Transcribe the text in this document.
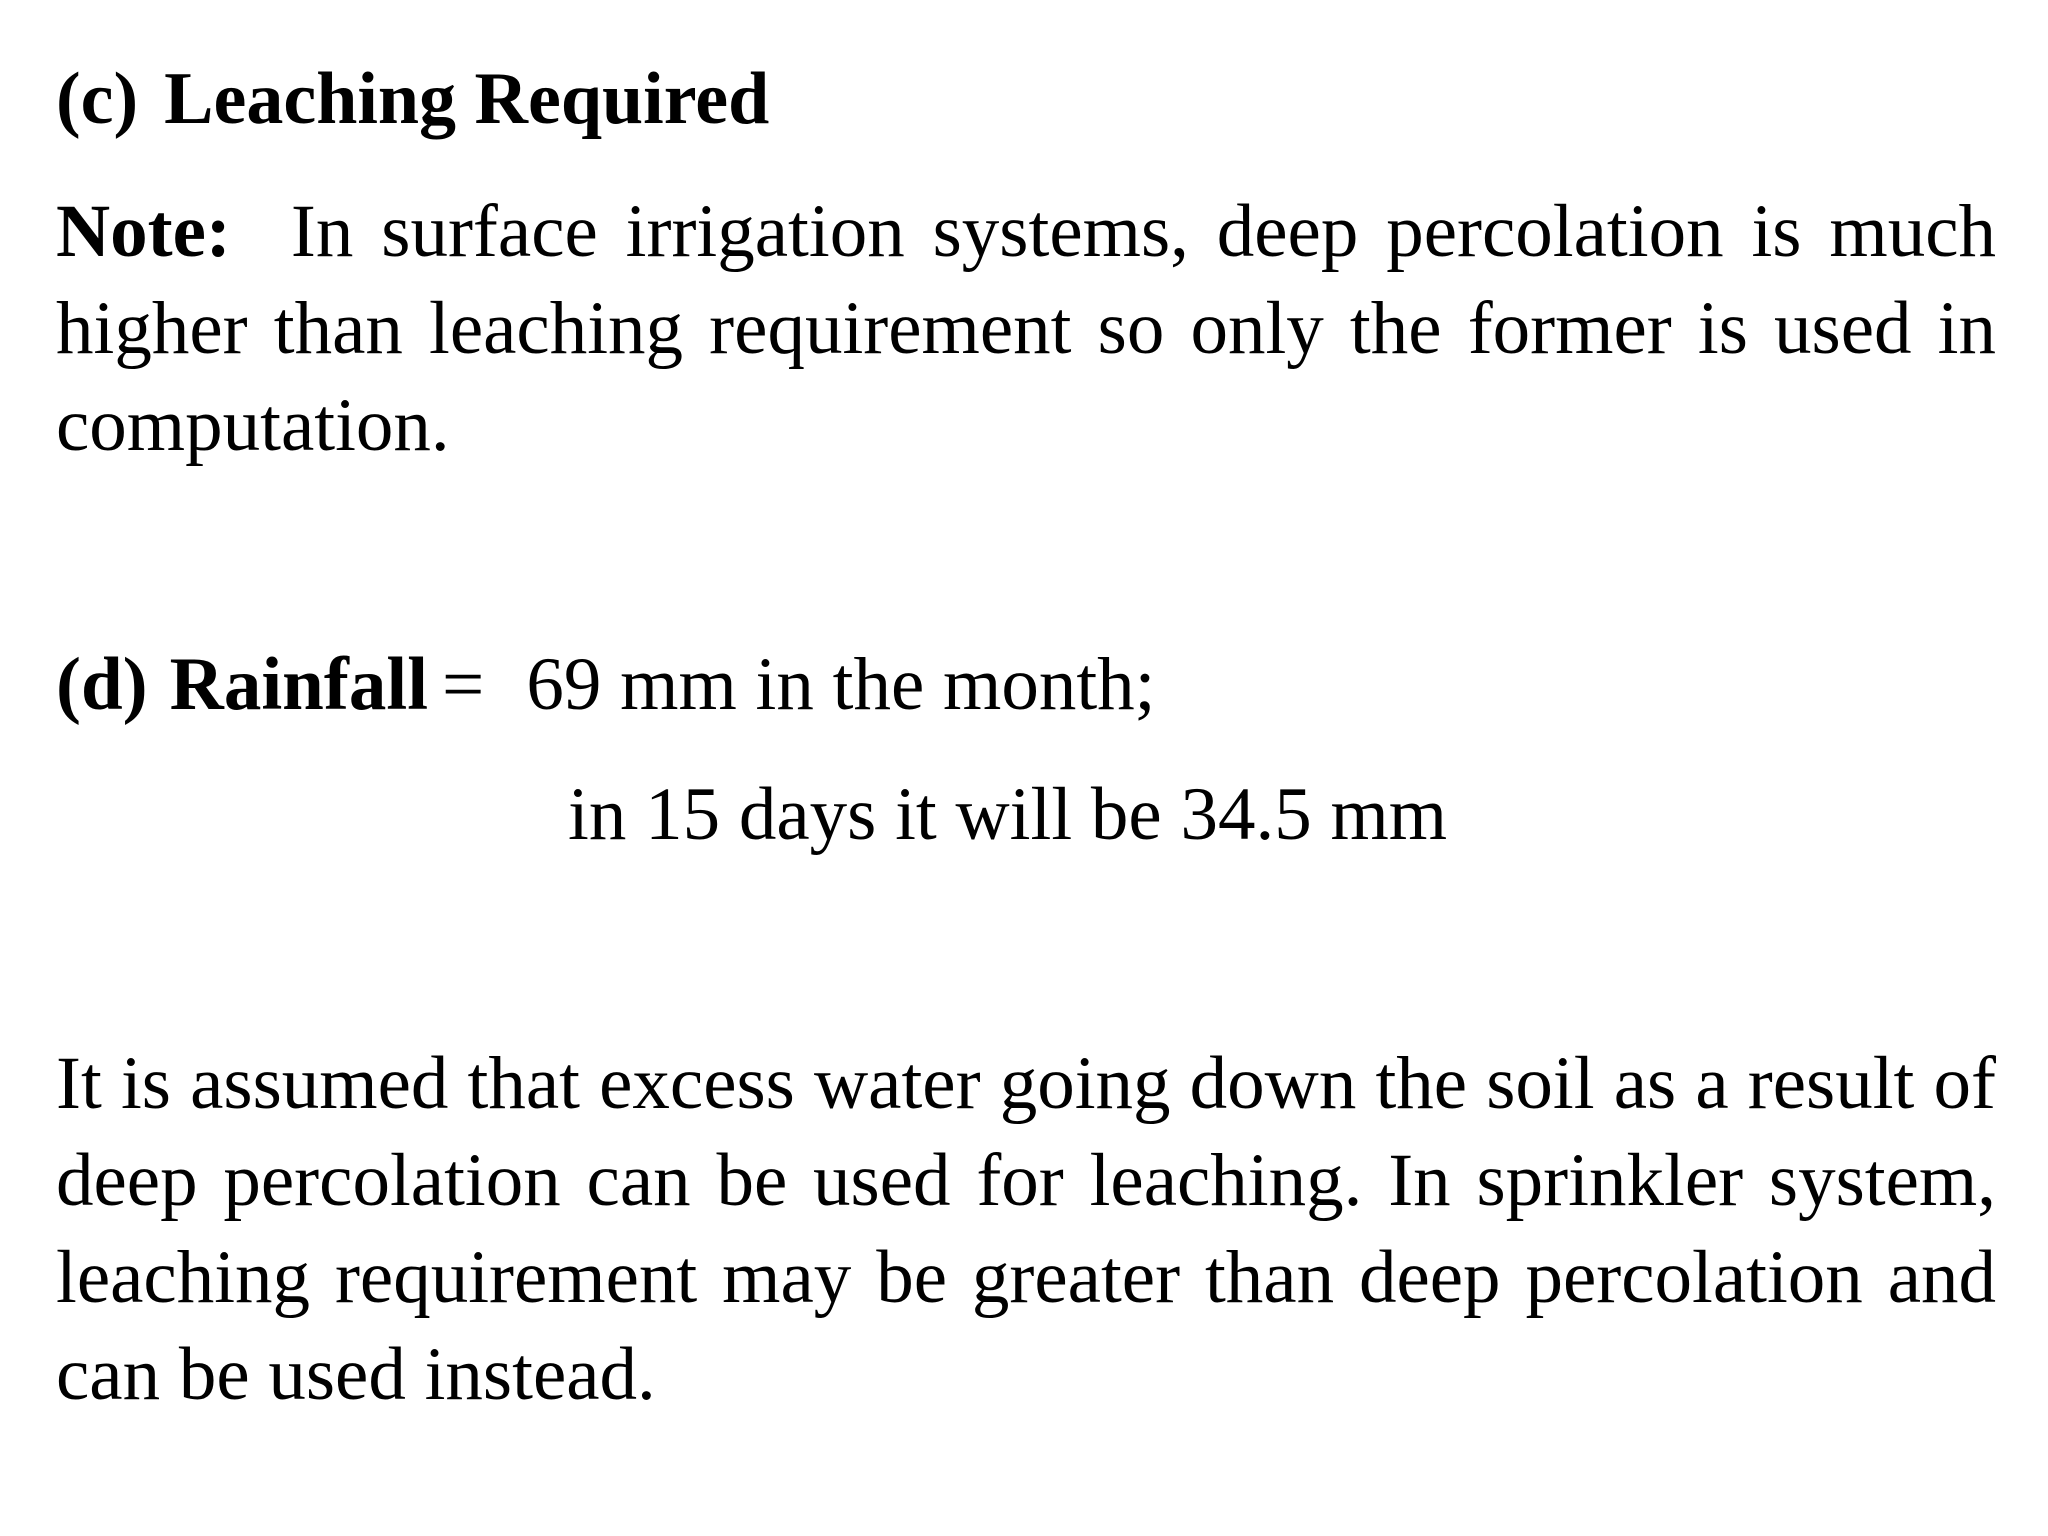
(c) Leaching Required

Note: In surface irrigation systems, deep percolation is much higher than leaching requirement so only the former is used in computation.

(d) Rainfall = 69 mm in the month;
in 15 days it will be 34.5 mm

It is assumed that excess water going down the soil as a result of deep percolation can be used for leaching. In sprinkler system, leaching requirement may be greater than deep percolation and can be used instead.
